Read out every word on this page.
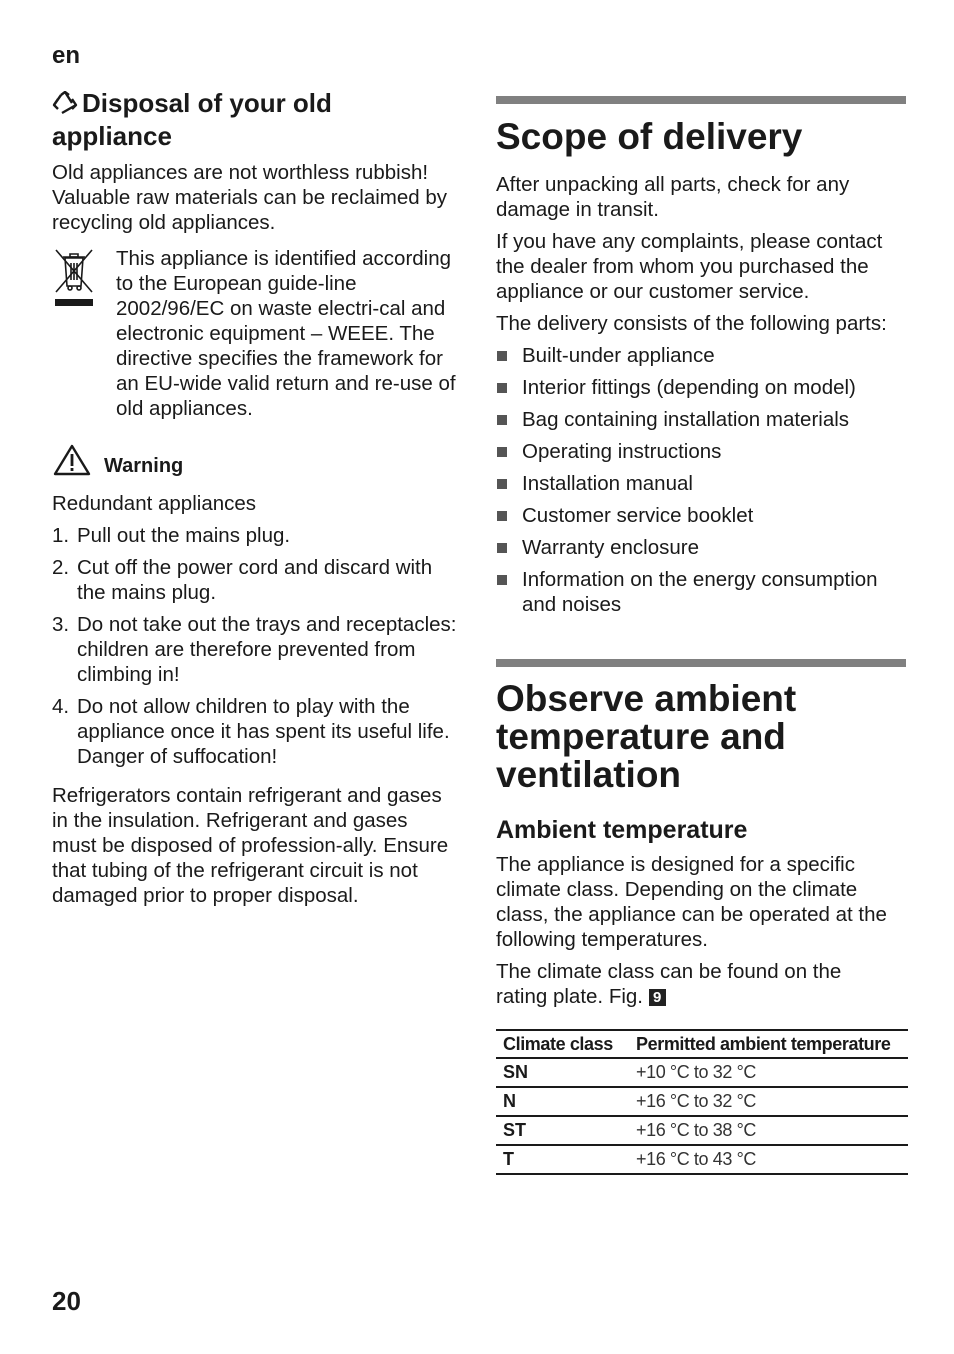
en
Disposal of your old appliance

Old appliances are not worthless rubbish! Valuable raw materials can be reclaimed by recycling old appliances.

This appliance is identified according to the European guide-line 2002/96/EC on waste electri-cal and electronic equipment – WEEE. The directive specifies the framework for an EU-wide valid return and re-use of old appliances.

Warning

Redundant appliances

1. Pull out the mains plug.
2. Cut off the power cord and discard with the mains plug.
3. Do not take out the trays and receptacles: children are therefore prevented from climbing in!
4. Do not allow children to play with the appliance once it has spent its useful life. Danger of suffocation!

Refrigerators contain refrigerant and gases in the insulation. Refrigerant and gases must be disposed of profession-ally. Ensure that tubing of the refrigerant circuit is not damaged prior to proper disposal.

Scope of delivery

After unpacking all parts, check for any damage in transit.

If you have any complaints, please contact the dealer from whom you purchased the appliance or our customer service.

The delivery consists of the following parts:

Built-under appliance
Interior fittings (depending on model)
Bag containing installation materials
Operating instructions
Installation manual
Customer service booklet
Warranty enclosure
Information on the energy consumption and noises
Observe ambient temperature and ventilation
Ambient temperature

The appliance is designed for a specific climate class. Depending on the climate class, the appliance can be operated at the following temperatures.

The climate class can be found on the rating plate. Fig. 9

Climate class	Permitted ambient temperature
SN	+10 °C to 32 °C
N	+16 °C to 32 °C
ST	+16 °C to 38 °C
T	+16 °C to 43 °C
20
